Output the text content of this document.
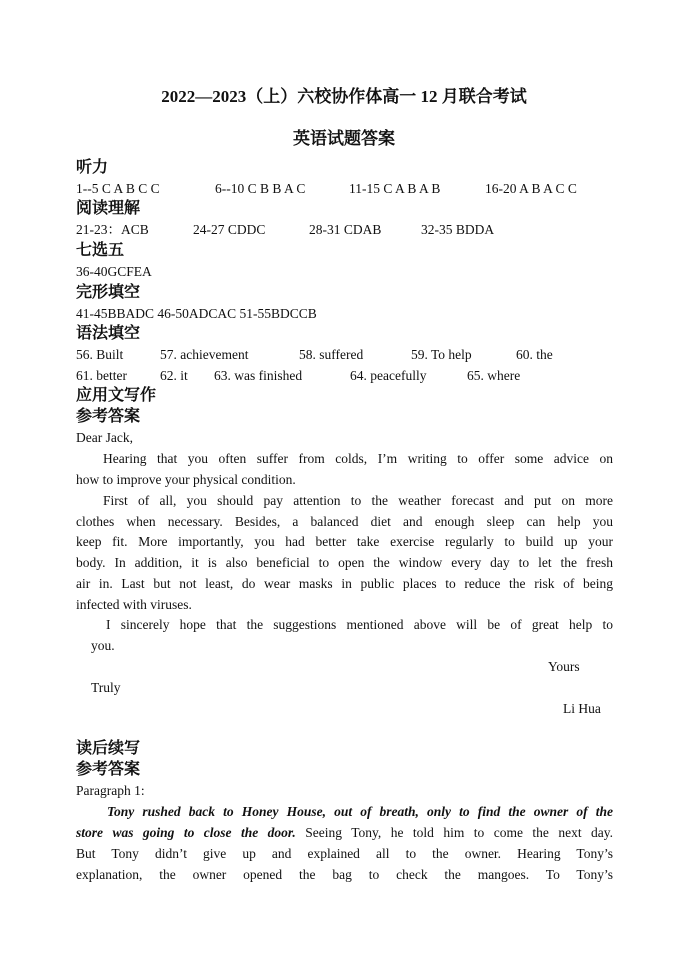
2022—2023（上）六校协作体高一 12 月联合考试
英语试题答案
听力
1--5 C A B C C	6--10 C B B A C	11-15 C A B A B	16-20 A B A C C
阅读理解
21-23：ACB	24-27 CDDC	28-31 CDAB	32-35 BDDA
七选五
36-40GCFEA
完形填空
41-45BBADC 46-50ADCAC 51-55BDCCB
语法填空
56. Built	57. achievement	58. suffered	59. To help	60. the
61. better 62. it 63. was finished	64. peacefully	65. where
应用文写作
参考答案
Dear Jack,
Hearing that you often suffer from colds, I’m writing to offer some advice on
how to improve your physical condition.
First of all, you should pay attention to the weather forecast and put on more
clothes when necessary. Besides, a balanced diet and enough sleep can help you
keep fit. More importantly, you had better take exercise regularly to build up your
body. In addition, it is also beneficial to open the window every day to let the fresh
air in. Last but not least, do wear masks in public places to reduce the risk of being
infected with viruses.
I sincerely hope that the suggestions mentioned above will be of great help to
you.
Yours
Truly
Li Hua
读后续写
参考答案
Paragraph 1:
Tony rushed back to Honey House, out of breath, only to find the owner of the
store was going to close the door. Seeing Tony, he told him to come the next day.
But Tony didn’t give up and explained all to the owner. Hearing Tony’s
explanation, the owner opened the bag to check the mangoes. To Tony’s
